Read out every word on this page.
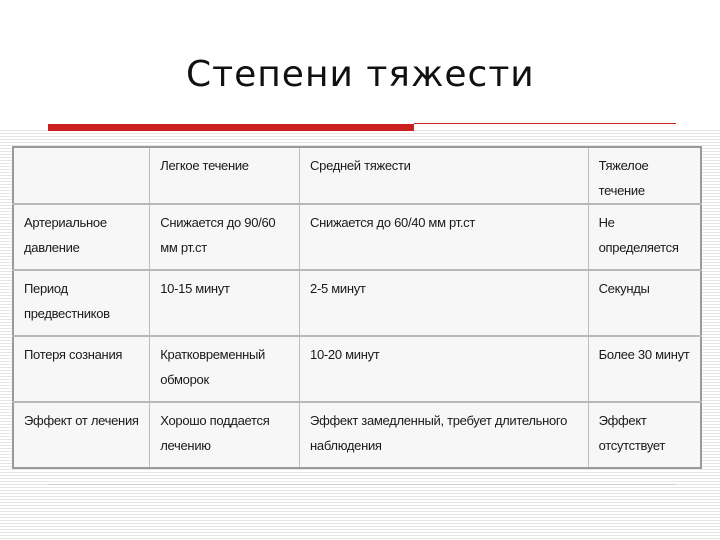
Степени тяжести
	Легкое течение	Средней тяжести	Тяжелое течение
Артериальное давление	Снижается до 90/60 мм рт.ст	Снижается до 60/40 мм рт.ст	Не определяется
Период предвестников	10-15 минут	2-5 минут	Секунды
Потеря сознания	Кратковременный обморок	10-20 минут	Более 30 минут
Эффект от лечения	Хорошо поддается лечению	Эффект замедленный, требует длительного наблюдения	Эффект отсутствует
